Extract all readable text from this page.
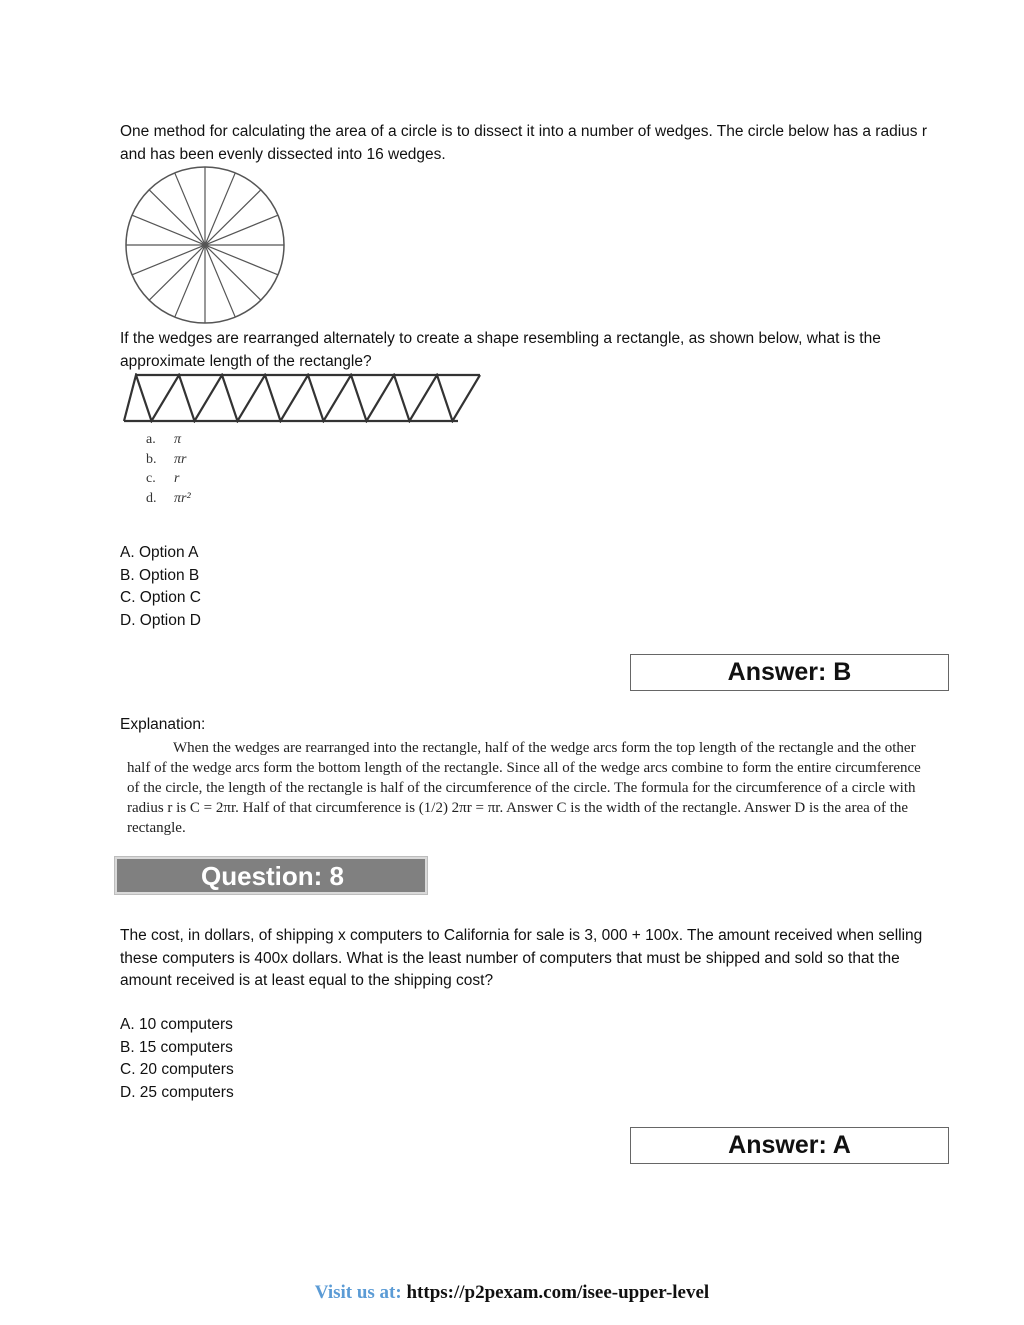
One method for calculating the area of a circle is to dissect it into a number of wedges. The circle below has a radius r and has been evenly dissected into 16 wedges.
If the wedges are rearranged alternately to create a shape resembling a rectangle, as shown below, what is the approximate length of the rectangle?
a.	π
b.	πr
c.	r
d.	πr²
A. Option A
B. Option B
C. Option C
D. Option D
Answer: B
Explanation:

When the wedges are rearranged into the rectangle, half of the wedge arcs form the top length of the rectangle and the other half of the wedge arcs form the bottom length of the rectangle. Since all of the wedge arcs combine to form the entire circumference of the circle, the length of the rectangle is half of the circumference of the circle. The formula for the circumference of a circle with radius r is C = 2πr. Half of that circumference is (1/2) 2πr = πr. Answer C is the width of the rectangle. Answer D is the area of the rectangle.

Question: 8
The cost, in dollars, of shipping x computers to California for sale is 3, 000 + 100x. The amount received when selling these computers is 400x dollars. What is the least number of computers that must be shipped and sold so that the amount received is at least equal to the shipping cost?
A. 10 computers
B. 15 computers
C. 20 computers
D. 25 computers
Answer: A
Visit us at: https://p2pexam.com/isee-upper-level
